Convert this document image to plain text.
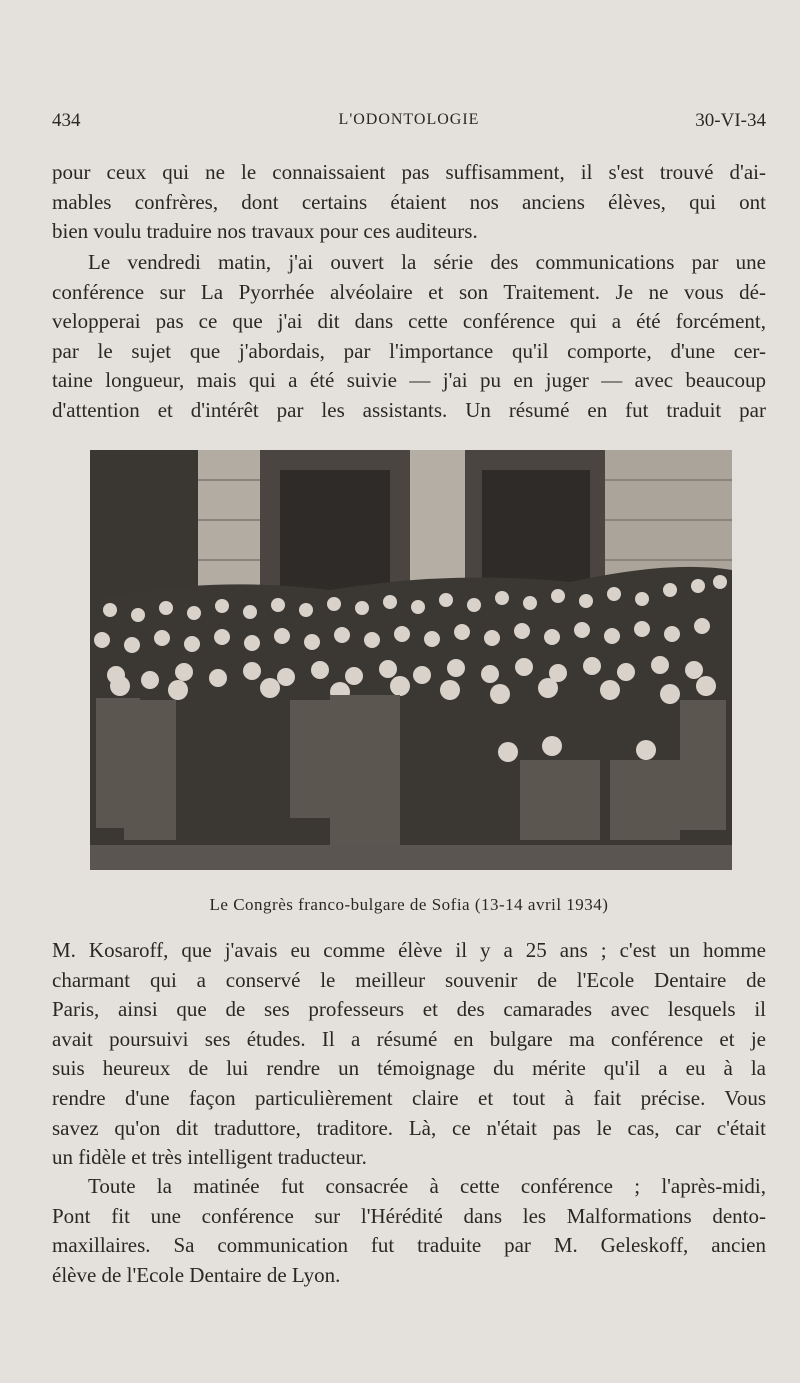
434	L'ODONTOLOGIE	30-VI-34

pour ceux qui ne le connaissaient pas suffisamment, il s'est trouvé d'ai-
mables confrères, dont certains étaient nos anciens élèves, qui ont
bien voulu traduire nos travaux pour ces auditeurs.

Le vendredi matin, j'ai ouvert la série des communications par une
conférence sur La Pyorrhée alvéolaire et son Traitement. Je ne vous dé-
velopperai pas ce que j'ai dit dans cette conférence qui a été forcément,
par le sujet que j'abordais, par l'importance qu'il comporte, d'une cer-
taine longueur, mais qui a été suivie — j'ai pu en juger — avec beaucoup
d'attention et d'intérêt par les assistants. Un résumé en fut traduit par

Le Congrès franco-bulgare de Sofia (13-14 avril 1934)

M. Kosaroff, que j'avais eu comme élève il y a 25 ans ; c'est un homme
charmant qui a conservé le meilleur souvenir de l'Ecole Dentaire de
Paris, ainsi que de ses professeurs et des camarades avec lesquels il
avait poursuivi ses études. Il a résumé en bulgare ma conférence et je
suis heureux de lui rendre un témoignage du mérite qu'il a eu à la
rendre d'une façon particulièrement claire et tout à fait précise. Vous
savez qu'on dit traduttore, traditore. Là, ce n'était pas le cas, car c'était
un fidèle et très intelligent traducteur.

Toute la matinée fut consacrée à cette conférence ; l'après-midi,
Pont fit une conférence sur l'Hérédité dans les Malformations dento-
maxillaires. Sa communication fut traduite par M. Geleskoff, ancien
élève de l'Ecole Dentaire de Lyon.
